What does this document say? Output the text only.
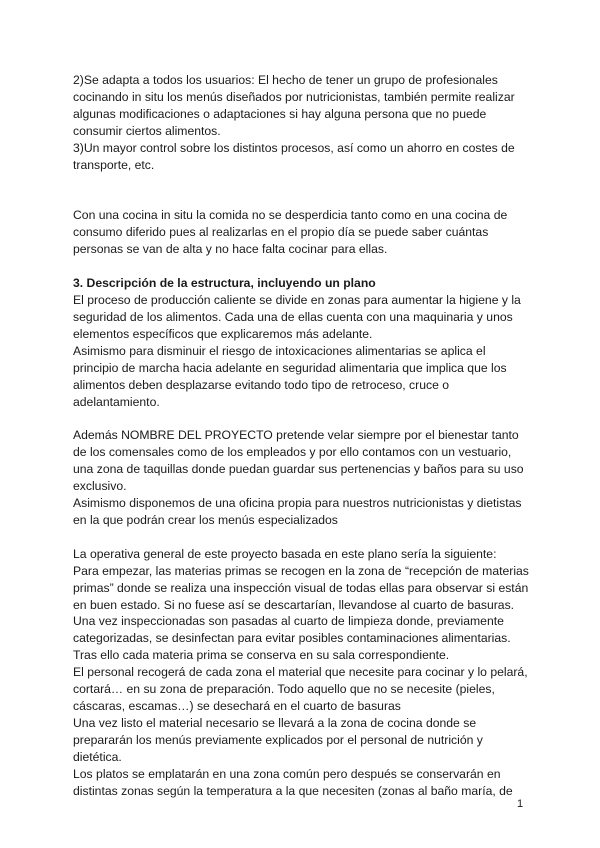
2)Se adapta a todos los usuarios: El hecho de tener un grupo de profesionales cocinando in situ los menús diseñados por nutricionistas, también permite realizar algunas modificaciones o adaptaciones si hay alguna persona que no puede consumir ciertos alimentos.

3)Un mayor control sobre los distintos procesos, así como un ahorro en costes de transporte, etc.

Con una cocina in situ la comida no se desperdicia tanto como en una cocina de consumo diferido pues al realizarlas en el propio día se puede saber cuántas personas se van de alta y no hace falta cocinar para ellas.

3. Descripción de la estructura, incluyendo un plano

El proceso de producción caliente se divide en zonas para aumentar la higiene y la seguridad de los alimentos. Cada una de ellas cuenta con una maquinaria y unos elementos específicos que explicaremos más adelante.

Asimismo para disminuir el riesgo de intoxicaciones alimentarias se aplica el principio de marcha hacia adelante en seguridad alimentaria que implica que los alimentos deben desplazarse evitando todo tipo de retroceso, cruce o adelantamiento.

Además NOMBRE DEL PROYECTO pretende velar siempre por el bienestar tanto de los comensales como de los empleados y por ello contamos con un vestuario, una zona de taquillas donde puedan guardar sus pertenencias y baños para su uso exclusivo.

Asimismo disponemos de una oficina propia para nuestros nutricionistas y dietistas en la que podrán crear los menús especializados

La operativa general de este proyecto basada en este plano sería la siguiente:

Para empezar, las materias primas se recogen en la zona de “recepción de materias primas” donde se realiza una inspección visual de todas ellas para observar si están en buen estado. Si no fuese así se descartarían, llevandose al cuarto de basuras.

Una vez inspeccionadas son pasadas al cuarto de limpieza donde, previamente categorizadas, se desinfectan para evitar posibles contaminaciones alimentarias.

Tras ello cada materia prima se conserva en su sala correspondiente.

El personal recogerá de cada zona el material que necesite para cocinar y lo pelará, cortará… en su zona de preparación. Todo aquello que no se necesite (pieles, cáscaras, escamas…) se desechará en el cuarto de basuras

Una vez listo el material necesario se llevará a la zona de cocina donde se prepararán los menús previamente explicados por el personal de nutrición y dietética.

Los platos se emplatarán en una zona común pero después se conservarán en distintas zonas según la temperatura a la que necesiten (zonas al baño maría, de

1
